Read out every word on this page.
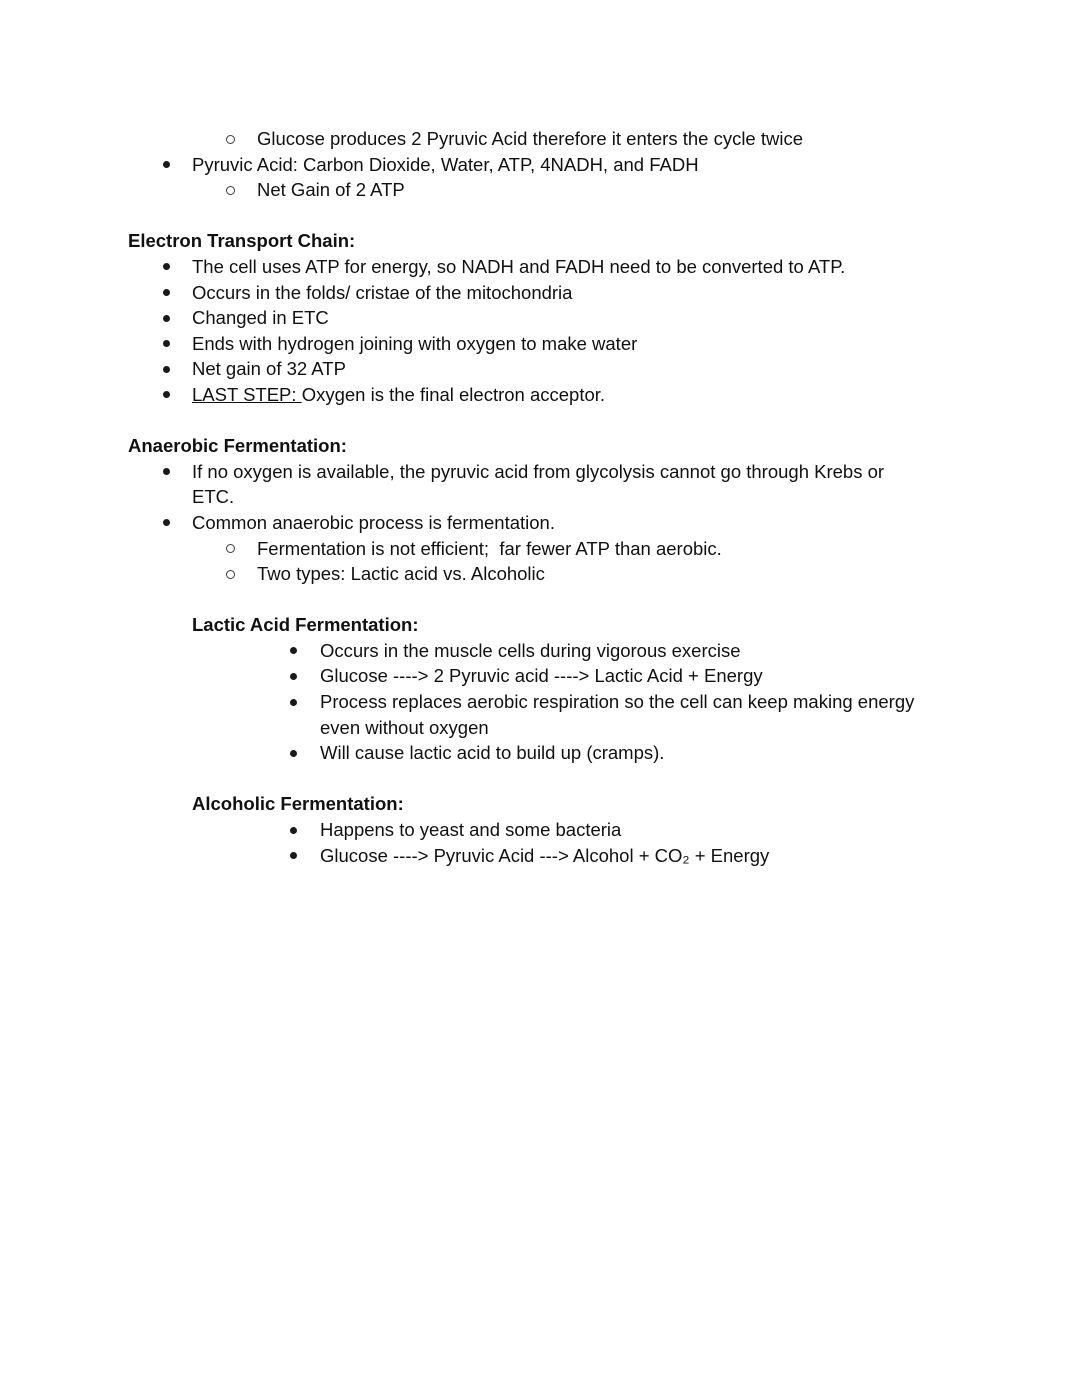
Glucose produces 2 Pyruvic Acid therefore it enters the cycle twice
Pyruvic Acid: Carbon Dioxide, Water, ATP, 4NADH, and FADH
Net Gain of 2 ATP
Electron Transport Chain:
The cell uses ATP for energy, so NADH and FADH need to be converted to ATP.
Occurs in the folds/ cristae of the mitochondria
Changed in ETC
Ends with hydrogen joining with oxygen to make water
Net gain of 32 ATP
LAST STEP: Oxygen is the final electron acceptor.
Anaerobic Fermentation:
If no oxygen is available, the pyruvic acid from glycolysis cannot go through Krebs or
ETC.
Common anaerobic process is fermentation.
Fermentation is not efficient;  far fewer ATP than aerobic.
Two types: Lactic acid vs. Alcoholic
Lactic Acid Fermentation:
Occurs in the muscle cells during vigorous exercise
Glucose ----> 2 Pyruvic acid ----> Lactic Acid + Energy
Process replaces aerobic respiration so the cell can keep making energy
even without oxygen
Will cause lactic acid to build up (cramps).
Alcoholic Fermentation:
Happens to yeast and some bacteria
Glucose ----> Pyruvic Acid ---> Alcohol + CO₂ + Energy
